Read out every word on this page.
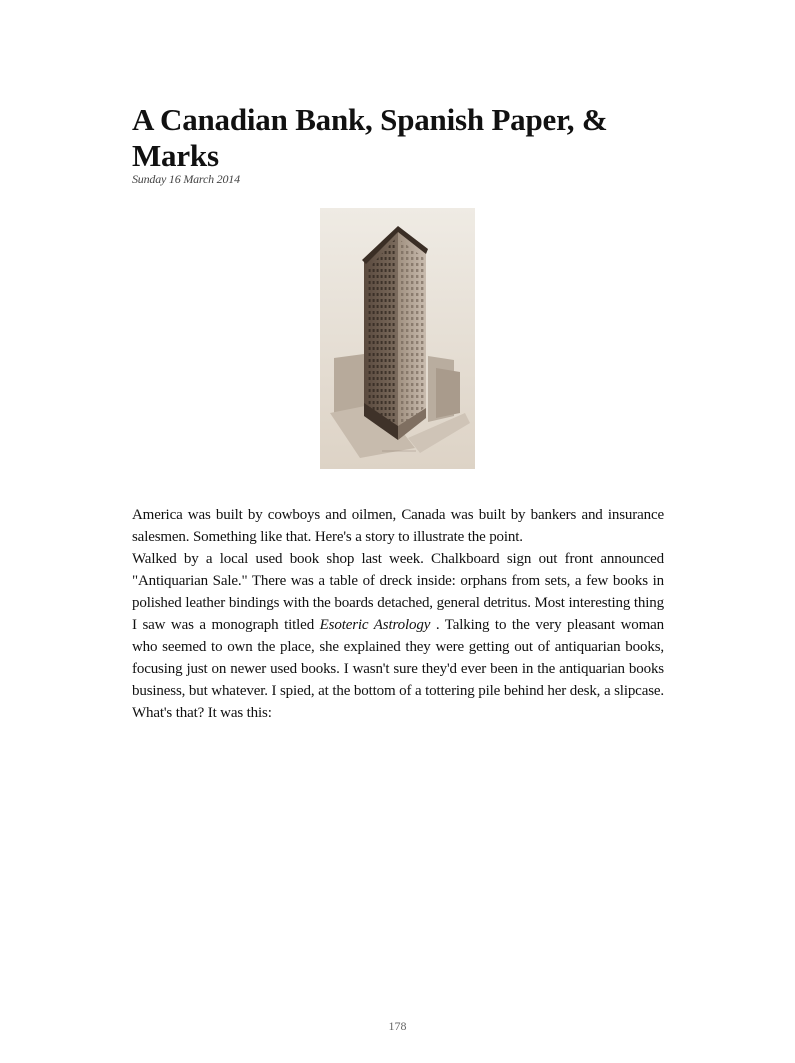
A Canadian Bank, Spanish Paper, & Marks
Sunday 16 March 2014

America was built by cowboys and oilmen, Canada was built by bankers and insurance salesmen. Something like that. Here's a story to illustrate the point.

Walked by a local used book shop last week. Chalkboard sign out front announced "Antiquarian Sale." There was a table of dreck inside: orphans from sets, a few books in polished leather bindings with the boards detached, general detritus. Most interesting thing I saw was a monograph titled Esoteric Astrology . Talking to the very pleasant woman who seemed to own the place, she explained they were getting out of antiquarian books, focusing just on newer used books. I wasn't sure they'd ever been in the antiquarian books business, but whatever. I spied, at the bottom of a tottering pile behind her desk, a slipcase. What's that? It was this:

178
